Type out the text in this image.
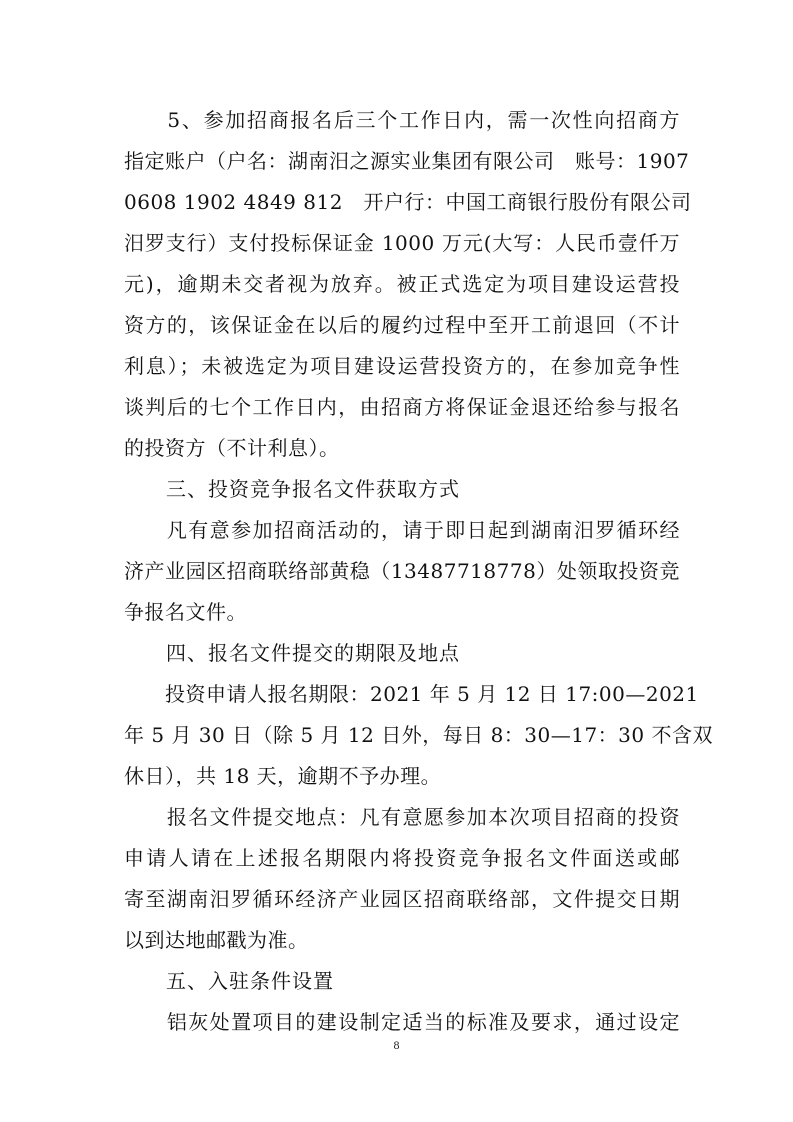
　　5、参加招商报名后三个工作日内，需一次性向招商方
指定账户（户名：湖南汨之源实业集团有限公司　账号：1907
0608 1902 4849 812　开户行：中国工商银行股份有限公司
汨罗支行）支付投标保证金 1000 万元(大写：人民币壹仟万
元)，逾期未交者视为放弃。被正式选定为项目建设运营投
资方的，该保证金在以后的履约过程中至开工前退回（不计
利息）；未被选定为项目建设运营投资方的，在参加竞争性
谈判后的七个工作日内，由招商方将保证金退还给参与报名
的投资方（不计利息）。
　　三、投资竞争报名文件获取方式
　　凡有意参加招商活动的，请于即日起到湖南汨罗循环经
济产业园区招商联络部黄稳（13487718778）处领取投资竞
争报名文件。
　　四、报名文件提交的期限及地点
　　投资申请人报名期限：2021 年 5 月 12 日 17:00—2021
年 5 月 30 日（除 5 月 12 日外，每日 8：30—17：30 不含双
休日），共 18 天，逾期不予办理。
　　报名文件提交地点：凡有意愿参加本次项目招商的投资
申请人请在上述报名期限内将投资竞争报名文件面送或邮
寄至湖南汨罗循环经济产业园区招商联络部，文件提交日期
以到达地邮戳为准。
　　五、入驻条件设置
　　铝灰处置项目的建设制定适当的标准及要求，通过设定
8
